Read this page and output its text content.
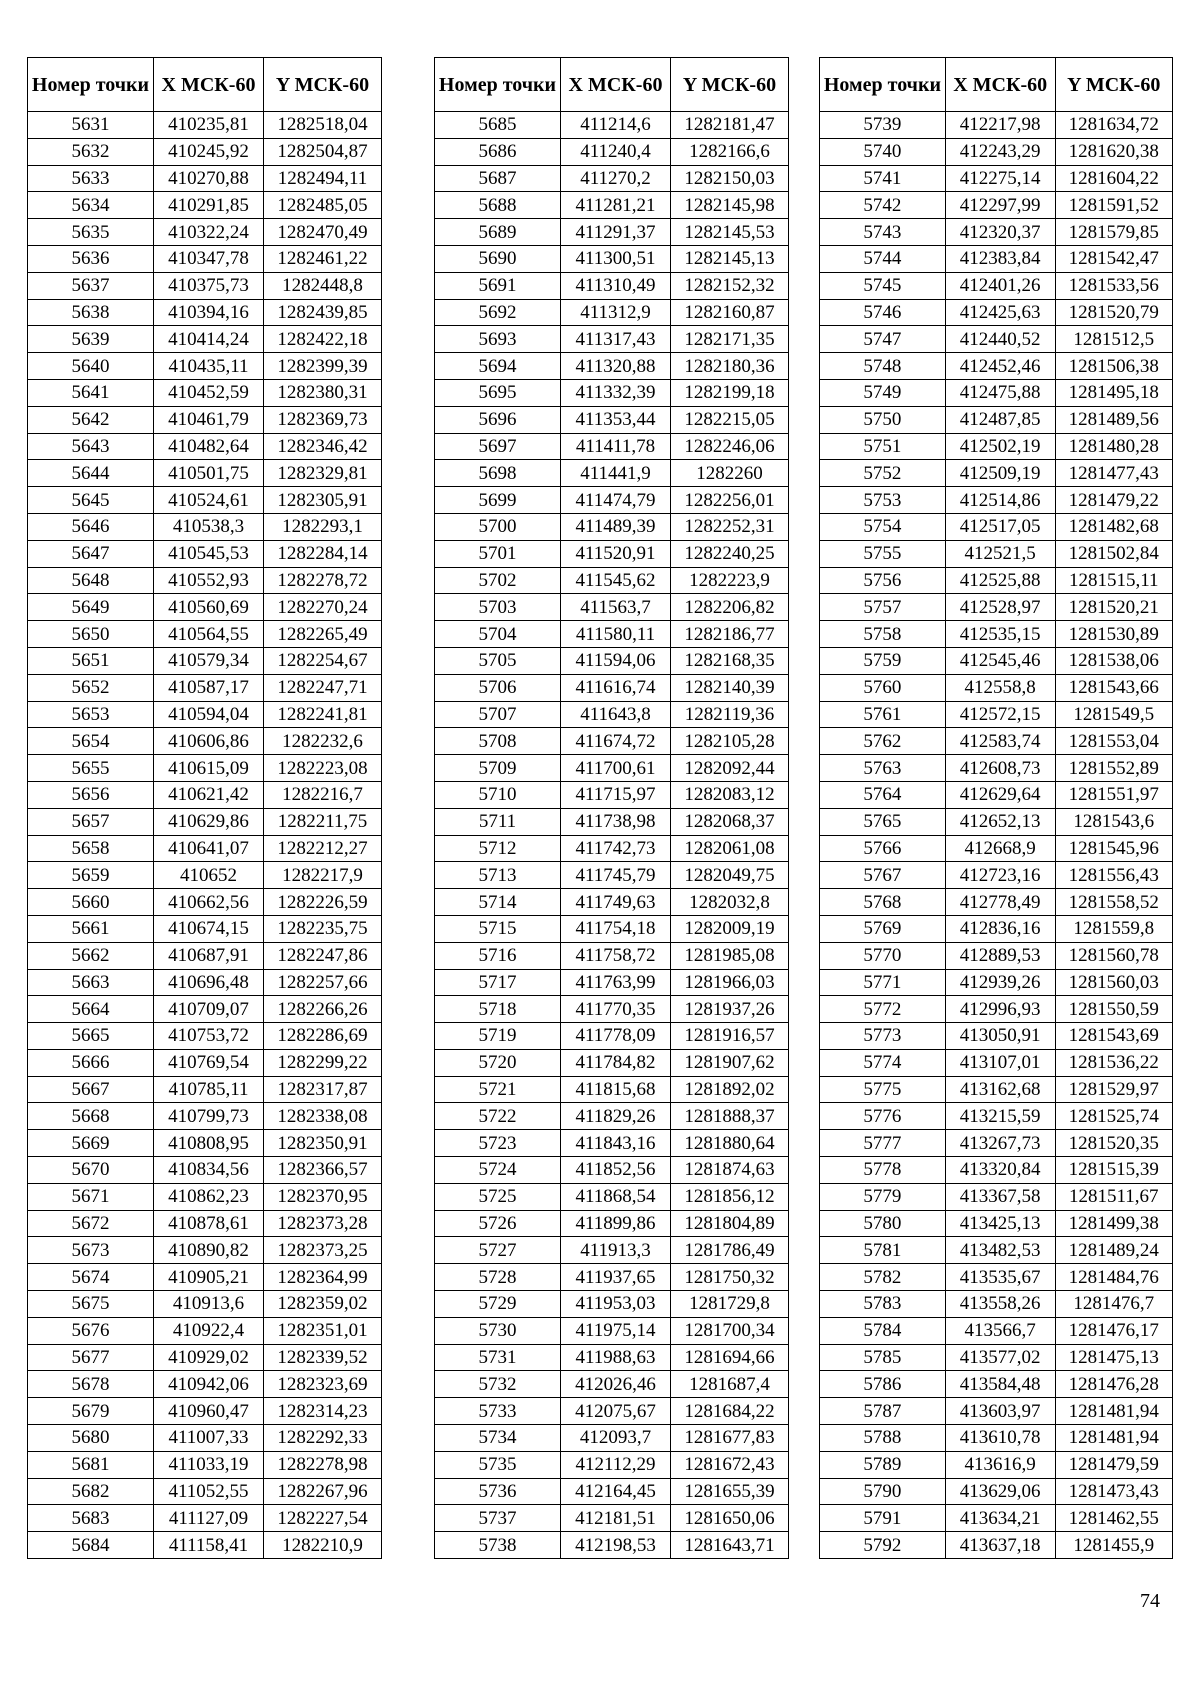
Номер точки	X МСК-60	Y МСК-60
5631	410235,81	1282518,04
5632	410245,92	1282504,87
5633	410270,88	1282494,11
5634	410291,85	1282485,05
5635	410322,24	1282470,49
5636	410347,78	1282461,22
5637	410375,73	1282448,8
5638	410394,16	1282439,85
5639	410414,24	1282422,18
5640	410435,11	1282399,39
5641	410452,59	1282380,31
5642	410461,79	1282369,73
5643	410482,64	1282346,42
5644	410501,75	1282329,81
5645	410524,61	1282305,91
5646	410538,3	1282293,1
5647	410545,53	1282284,14
5648	410552,93	1282278,72
5649	410560,69	1282270,24
5650	410564,55	1282265,49
5651	410579,34	1282254,67
5652	410587,17	1282247,71
5653	410594,04	1282241,81
5654	410606,86	1282232,6
5655	410615,09	1282223,08
5656	410621,42	1282216,7
5657	410629,86	1282211,75
5658	410641,07	1282212,27
5659	410652	1282217,9
5660	410662,56	1282226,59
5661	410674,15	1282235,75
5662	410687,91	1282247,86
5663	410696,48	1282257,66
5664	410709,07	1282266,26
5665	410753,72	1282286,69
5666	410769,54	1282299,22
5667	410785,11	1282317,87
5668	410799,73	1282338,08
5669	410808,95	1282350,91
5670	410834,56	1282366,57
5671	410862,23	1282370,95
5672	410878,61	1282373,28
5673	410890,82	1282373,25
5674	410905,21	1282364,99
5675	410913,6	1282359,02
5676	410922,4	1282351,01
5677	410929,02	1282339,52
5678	410942,06	1282323,69
5679	410960,47	1282314,23
5680	411007,33	1282292,33
5681	411033,19	1282278,98
5682	411052,55	1282267,96
5683	411127,09	1282227,54
5684	411158,41	1282210,9
Номер точки	X МСК-60	Y МСК-60
5685	411214,6	1282181,47
5686	411240,4	1282166,6
5687	411270,2	1282150,03
5688	411281,21	1282145,98
5689	411291,37	1282145,53
5690	411300,51	1282145,13
5691	411310,49	1282152,32
5692	411312,9	1282160,87
5693	411317,43	1282171,35
5694	411320,88	1282180,36
5695	411332,39	1282199,18
5696	411353,44	1282215,05
5697	411411,78	1282246,06
5698	411441,9	1282260
5699	411474,79	1282256,01
5700	411489,39	1282252,31
5701	411520,91	1282240,25
5702	411545,62	1282223,9
5703	411563,7	1282206,82
5704	411580,11	1282186,77
5705	411594,06	1282168,35
5706	411616,74	1282140,39
5707	411643,8	1282119,36
5708	411674,72	1282105,28
5709	411700,61	1282092,44
5710	411715,97	1282083,12
5711	411738,98	1282068,37
5712	411742,73	1282061,08
5713	411745,79	1282049,75
5714	411749,63	1282032,8
5715	411754,18	1282009,19
5716	411758,72	1281985,08
5717	411763,99	1281966,03
5718	411770,35	1281937,26
5719	411778,09	1281916,57
5720	411784,82	1281907,62
5721	411815,68	1281892,02
5722	411829,26	1281888,37
5723	411843,16	1281880,64
5724	411852,56	1281874,63
5725	411868,54	1281856,12
5726	411899,86	1281804,89
5727	411913,3	1281786,49
5728	411937,65	1281750,32
5729	411953,03	1281729,8
5730	411975,14	1281700,34
5731	411988,63	1281694,66
5732	412026,46	1281687,4
5733	412075,67	1281684,22
5734	412093,7	1281677,83
5735	412112,29	1281672,43
5736	412164,45	1281655,39
5737	412181,51	1281650,06
5738	412198,53	1281643,71
Номер точки	X МСК-60	Y МСК-60
5739	412217,98	1281634,72
5740	412243,29	1281620,38
5741	412275,14	1281604,22
5742	412297,99	1281591,52
5743	412320,37	1281579,85
5744	412383,84	1281542,47
5745	412401,26	1281533,56
5746	412425,63	1281520,79
5747	412440,52	1281512,5
5748	412452,46	1281506,38
5749	412475,88	1281495,18
5750	412487,85	1281489,56
5751	412502,19	1281480,28
5752	412509,19	1281477,43
5753	412514,86	1281479,22
5754	412517,05	1281482,68
5755	412521,5	1281502,84
5756	412525,88	1281515,11
5757	412528,97	1281520,21
5758	412535,15	1281530,89
5759	412545,46	1281538,06
5760	412558,8	1281543,66
5761	412572,15	1281549,5
5762	412583,74	1281553,04
5763	412608,73	1281552,89
5764	412629,64	1281551,97
5765	412652,13	1281543,6
5766	412668,9	1281545,96
5767	412723,16	1281556,43
5768	412778,49	1281558,52
5769	412836,16	1281559,8
5770	412889,53	1281560,78
5771	412939,26	1281560,03
5772	412996,93	1281550,59
5773	413050,91	1281543,69
5774	413107,01	1281536,22
5775	413162,68	1281529,97
5776	413215,59	1281525,74
5777	413267,73	1281520,35
5778	413320,84	1281515,39
5779	413367,58	1281511,67
5780	413425,13	1281499,38
5781	413482,53	1281489,24
5782	413535,67	1281484,76
5783	413558,26	1281476,7
5784	413566,7	1281476,17
5785	413577,02	1281475,13
5786	413584,48	1281476,28
5787	413603,97	1281481,94
5788	413610,78	1281481,94
5789	413616,9	1281479,59
5790	413629,06	1281473,43
5791	413634,21	1281462,55
5792	413637,18	1281455,9
74
